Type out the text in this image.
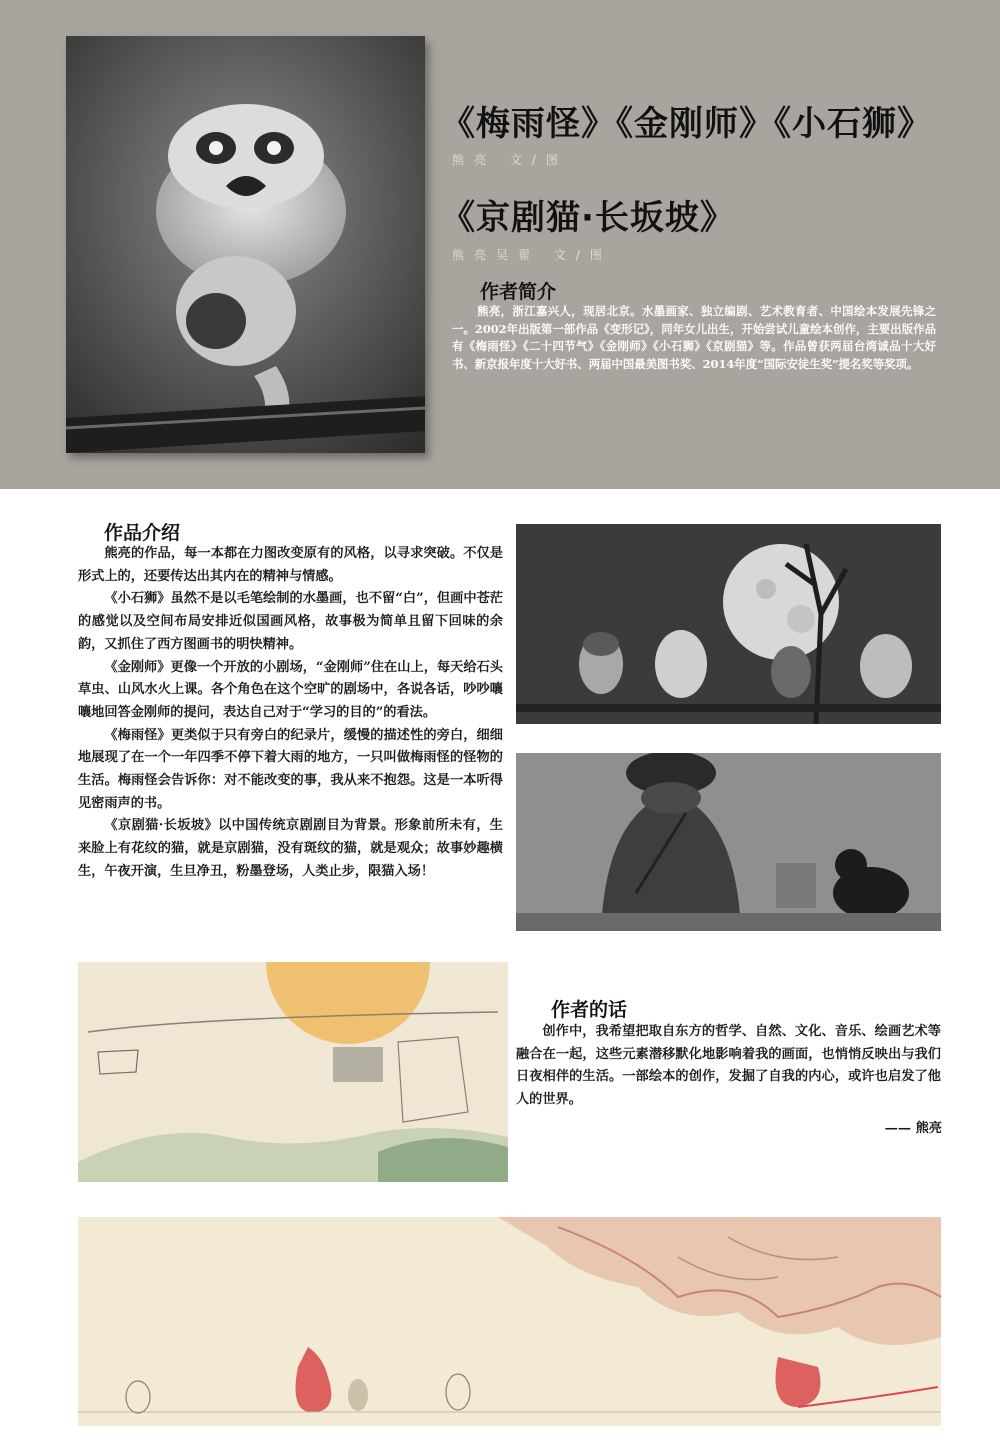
《梅雨怪》《金刚师》《小石狮》
熊亮 文/图
《京剧猫·长坂坡》
熊亮吴翟 文/图
作者简介
熊亮，浙江嘉兴人，现居北京。水墨画家、独立编剧、艺术教育者、中国绘本发展先锋之一。2002年出版第一部作品《变形记》，同年女儿出生，开始尝试儿童绘本创作，主要出版作品有《梅雨怪》《二十四节气》《金刚师》《小石狮》《京剧猫》等。作品曾获两届台湾诚品十大好书、新京报年度十大好书、两届中国最美图书奖、2014年度“国际安徒生奖”提名奖等奖项。
作品介绍

熊亮的作品，每一本都在力图改变原有的风格，以寻求突破。不仅是形式上的，还要传达出其内在的精神与情感。

《小石狮》虽然不是以毛笔绘制的水墨画，也不留“白”，但画中苍茫的感觉以及空间布局安排近似国画风格，故事极为简单且留下回味的余韵，又抓住了西方图画书的明快精神。

《金刚师》更像一个开放的小剧场，“金刚师”住在山上，每天给石头草虫、山风水火上课。各个角色在这个空旷的剧场中，各说各话，吵吵嚷嚷地回答金刚师的提问，表达自己对于“学习的目的”的看法。

《梅雨怪》更类似于只有旁白的纪录片，缓慢的描述性的旁白，细细地展现了在一个一年四季不停下着大雨的地方，一只叫做梅雨怪的怪物的生活。梅雨怪会告诉你：对不能改变的事，我从来不抱怨。这是一本听得见密雨声的书。

《京剧猫·长坂坡》以中国传统京剧剧目为背景。形象前所未有，生来脸上有花纹的猫，就是京剧猫，没有斑纹的猫，就是观众；故事妙趣横生，午夜开演，生旦净丑，粉墨登场，人类止步，限猫入场！

作者的话

创作中，我希望把取自东方的哲学、自然、文化、音乐、绘画艺术等融合在一起，这些元素潜移默化地影响着我的画面，也悄悄反映出与我们日夜相伴的生活。一部绘本的创作，发掘了自我的内心，或许也启发了他人的世界。

—— 熊亮
